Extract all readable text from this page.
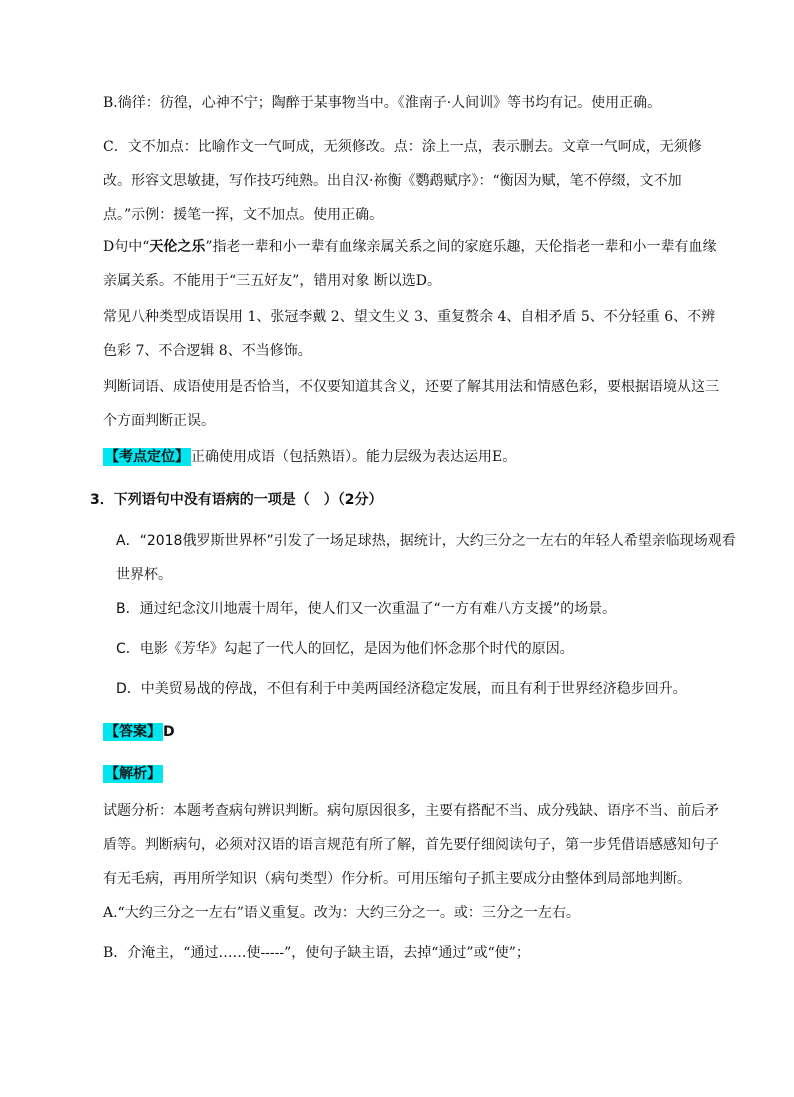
B.徜徉：彷徨，心神不宁；陶醉于某事物当中。《淮南子·人间训》等书均有记。使用正确。

C．文不加点：比喻作文一气呵成，无须修改。点：涂上一点，表示删去。文章一气呵成，无须修改。形容文思敏捷，写作技巧纯熟。出自汉·祢衡《鹦鹉赋序》：“衡因为赋，笔不停缀，文不加点。”示例：援笔一挥，文不加点。使用正确。

D句中“天伦之乐”指老一辈和小一辈有血缘亲属关系之间的家庭乐趣，天伦指老一辈和小一辈有血缘亲属关系。不能用于“三五好友”，错用对象 断以选D。

常见八种类型成语误用 1、张冠李戴 2、望文生义 3、重复赘余 4、自相矛盾 5、不分轻重 6、不辨色彩 7、不合逻辑 8、不当修饰。

判断词语、成语使用是否恰当，不仅要知道其含义，还要了解其用法和情感色彩，要根据语境从这三个方面判断正误。

【考点定位】 正确使用成语（包括熟语）。能力层级为表达运用E。

3．下列语句中没有语病的一项是（　）（2分）
A．“2018俄罗斯世界杯”引发了一场足球热，据统计，大约三分之一左右的年轻人希望亲临现场观看世界杯。
B．通过纪念汶川地震十周年，使人们又一次重温了“一方有难八方支援”的场景。
C．电影《芳华》勾起了一代人的回忆，是因为他们怀念那个时代的原因。
D．中美贸易战的停战，不但有利于中美两国经济稳定发展，而且有利于世界经济稳步回升。
【答案】 D
【解析】

试题分析：本题考查病句辨识判断。病句原因很多，主要有搭配不当、成分残缺、语序不当、前后矛盾等。判断病句，必须对汉语的语言规范有所了解，首先要仔细阅读句子，第一步凭借语感感知句子有无毛病，再用所学知识（病句类型）作分析。可用压缩句子抓主要成分由整体到局部地判断。

A.“大约三分之一左右”语义重复。改为：大约三分之一。或：三分之一左右。

B．介淹主，“通过……使-----”，使句子缺主语，去掉“通过”或“使”；
